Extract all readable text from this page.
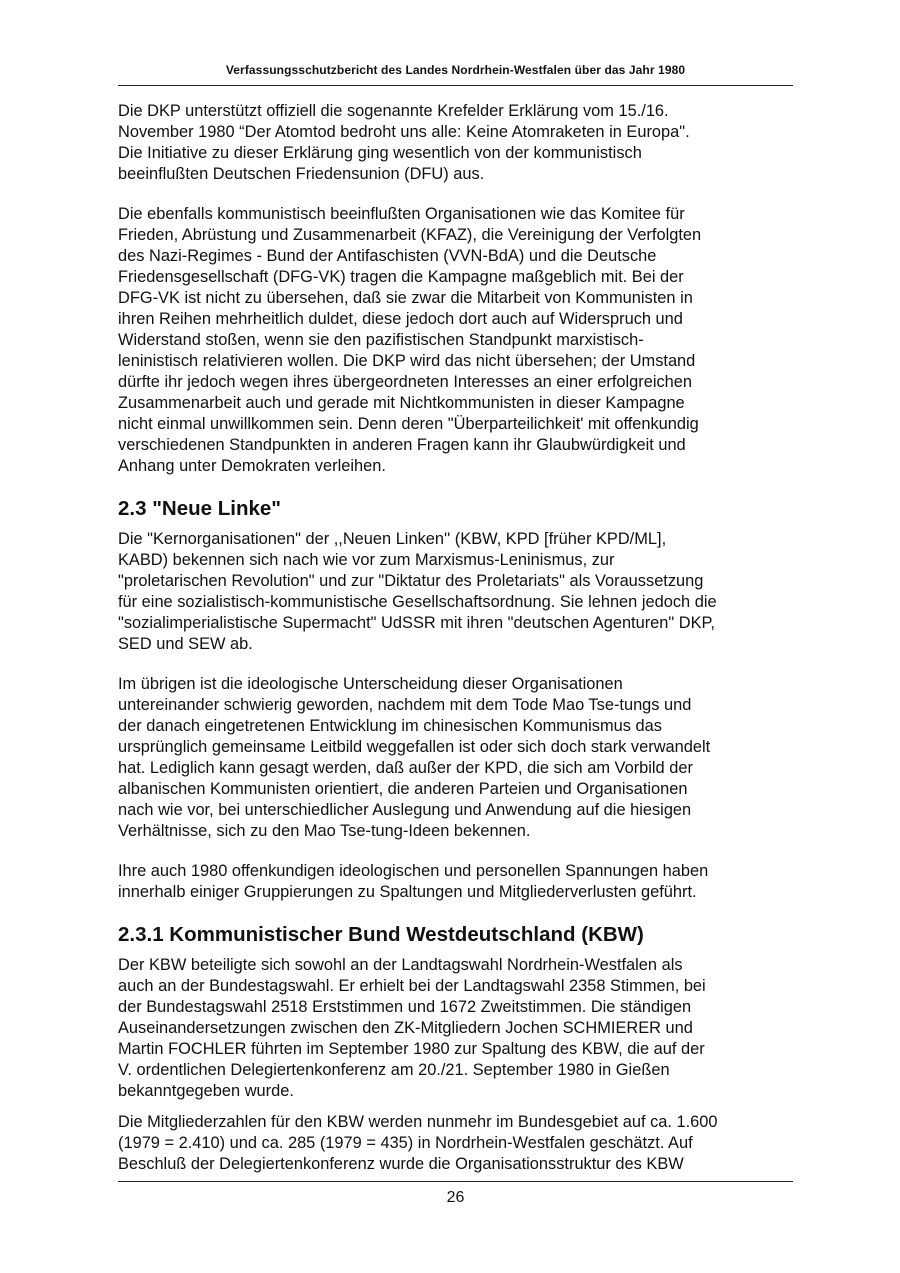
Verfassungsschutzbericht des Landes Nordrhein-Westfalen über das Jahr 1980

Die DKP unterstützt offiziell die sogenannte Krefelder Erklärung vom 15./16.
November 1980 “Der Atomtod bedroht uns alle: Keine Atomraketen in Europa".
Die Initiative zu dieser Erklärung ging wesentlich von der kommunistisch
beeinflußten Deutschen Friedensunion (DFU) aus.

Die ebenfalls kommunistisch beeinflußten Organisationen wie das Komitee für
Frieden, Abrüstung und Zusammenarbeit (KFAZ), die Vereinigung der Verfolgten
des Nazi-Regimes - Bund der Antifaschisten (VVN-BdA) und die Deutsche
Friedensgesellschaft (DFG-VK) tragen die Kampagne maßgeblich mit. Bei der
DFG-VK ist nicht zu übersehen, daß sie zwar die Mitarbeit von Kommunisten in
ihren Reihen mehrheitlich duldet, diese jedoch dort auch auf Widerspruch und
Widerstand stoßen, wenn sie den pazifistischen Standpunkt marxistisch-
leninistisch relativieren wollen. Die DKP wird das nicht übersehen; der Umstand
dürfte ihr jedoch wegen ihres übergeordneten Interesses an einer erfolgreichen
Zusammenarbeit auch und gerade mit Nichtkommunisten in dieser Kampagne
nicht einmal unwillkommen sein. Denn deren "Überparteilichkeit' mit offenkundig
verschiedenen Standpunkten in anderen Fragen kann ihr Glaubwürdigkeit und
Anhang unter Demokraten verleihen.

2.3 "Neue Linke"

Die "Kernorganisationen" der ,,Neuen Linken'' (KBW, KPD [früher KPD/ML],
KABD) bekennen sich nach wie vor zum Marxismus-Leninismus, zur
"proletarischen Revolution" und zur "Diktatur des Proletariats" als Voraussetzung
für eine sozialistisch-kommunistische Gesellschaftsordnung. Sie lehnen jedoch die
"sozialimperialistische Supermacht" UdSSR mit ihren "deutschen Agenturen" DKP,
SED und SEW ab.

Im übrigen ist die ideologische Unterscheidung dieser Organisationen
untereinander schwierig geworden, nachdem mit dem Tode Mao Tse-tungs und
der danach eingetretenen Entwicklung im chinesischen Kommunismus das
ursprünglich gemeinsame Leitbild weggefallen ist oder sich doch stark verwandelt
hat. Lediglich kann gesagt werden, daß außer der KPD, die sich am Vorbild der
albanischen Kommunisten orientiert, die anderen Parteien und Organisationen
nach wie vor, bei unterschiedlicher Auslegung und Anwendung auf die hiesigen
Verhältnisse, sich zu den Mao Tse-tung-Ideen bekennen.

Ihre auch 1980 offenkundigen ideologischen und personellen Spannungen haben
innerhalb einiger Gruppierungen zu Spaltungen und Mitgliederverlusten geführt.

2.3.1 Kommunistischer Bund Westdeutschland (KBW)

Der KBW beteiligte sich sowohl an der Landtagswahl Nordrhein-Westfalen als
auch an der Bundestagswahl. Er erhielt bei der Landtagswahl 2358 Stimmen, bei
der Bundestagswahl 2518 Erststimmen und 1672 Zweitstimmen. Die ständigen
Auseinandersetzungen zwischen den ZK-Mitgliedern Jochen SCHMIERER und
Martin FOCHLER führten im September 1980 zur Spaltung des KBW, die auf der
V. ordentlichen Delegiertenkonferenz am 20./21. September 1980 in Gießen
bekanntgegeben wurde.

Die Mitgliederzahlen für den KBW werden nunmehr im Bundesgebiet auf ca. 1.600
(1979 = 2.410) und ca. 285 (1979 = 435) in Nordrhein-Westfalen geschätzt. Auf
Beschluß der Delegiertenkonferenz wurde die Organisationsstruktur des KBW

26
